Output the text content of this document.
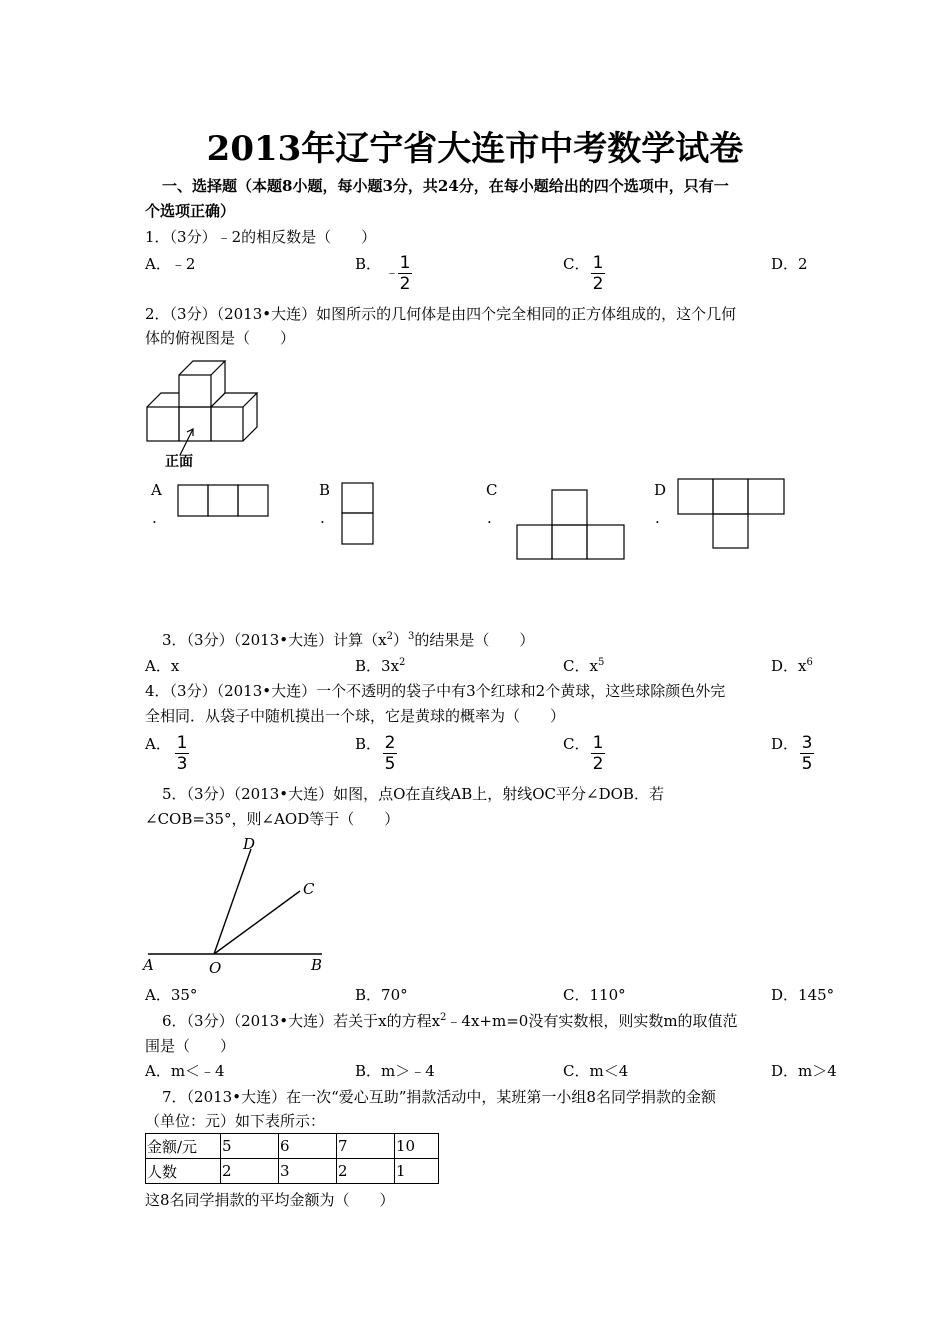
2013年辽宁省大连市中考数学试卷
一、选择题（本题8小题，每小题3分，共24分，在每小题给出的四个选项中，只有一
个选项正确）
1．（3分）﹣2的相反数是（　　）
A．﹣2	B． ﹣ 1
2
C． 1
2
D．2
2．（3分）（2013•大连）如图所示的几何体是由四个完全相同的正方体组成的，这个几何
体的俯视图是（　　）
正面
A
.
B
.
C
.
D
.
3．（3分）（2013•大连）计算$(x^2)^3$的结果是（　　）
A．x	B．$3x^2$	C．$x^5$	D．$x^6$
4．（3分）（2013•大连）一个不透明的袋子中有3个红球和2个黄球，这些球除颜色外完
全相同．从袋子中随机摸出一个球，它是黄球的概率为（　　）
A． 1
3
B． 2
5
C． 1
2
D． 3
5
5．（3分）（2013•大连）如图，点O在直线AB上，射线OC平分∠DOB．若
∠COB=35°，则∠AOD等于（　　）
A	O	B
C
D
A．35°	B．70°	C．110°	D．145°
6．（3分）（2013•大连）若关于x的方程$x^2﹣4x+m=0$没有实数根，则实数m的取值范
围是（　　）
A．m＜﹣4	B．m＞﹣4	C．m＜4	D．m＞4
7．（2013•大连）在一次“爱心互助”捐款活动中，某班第一小组8名同学捐款的金额
（单位：元）如下表所示：
金额/元	5	6	7	10
人数	2	3	2	1
这8名同学捐款的平均金额为（　　）
